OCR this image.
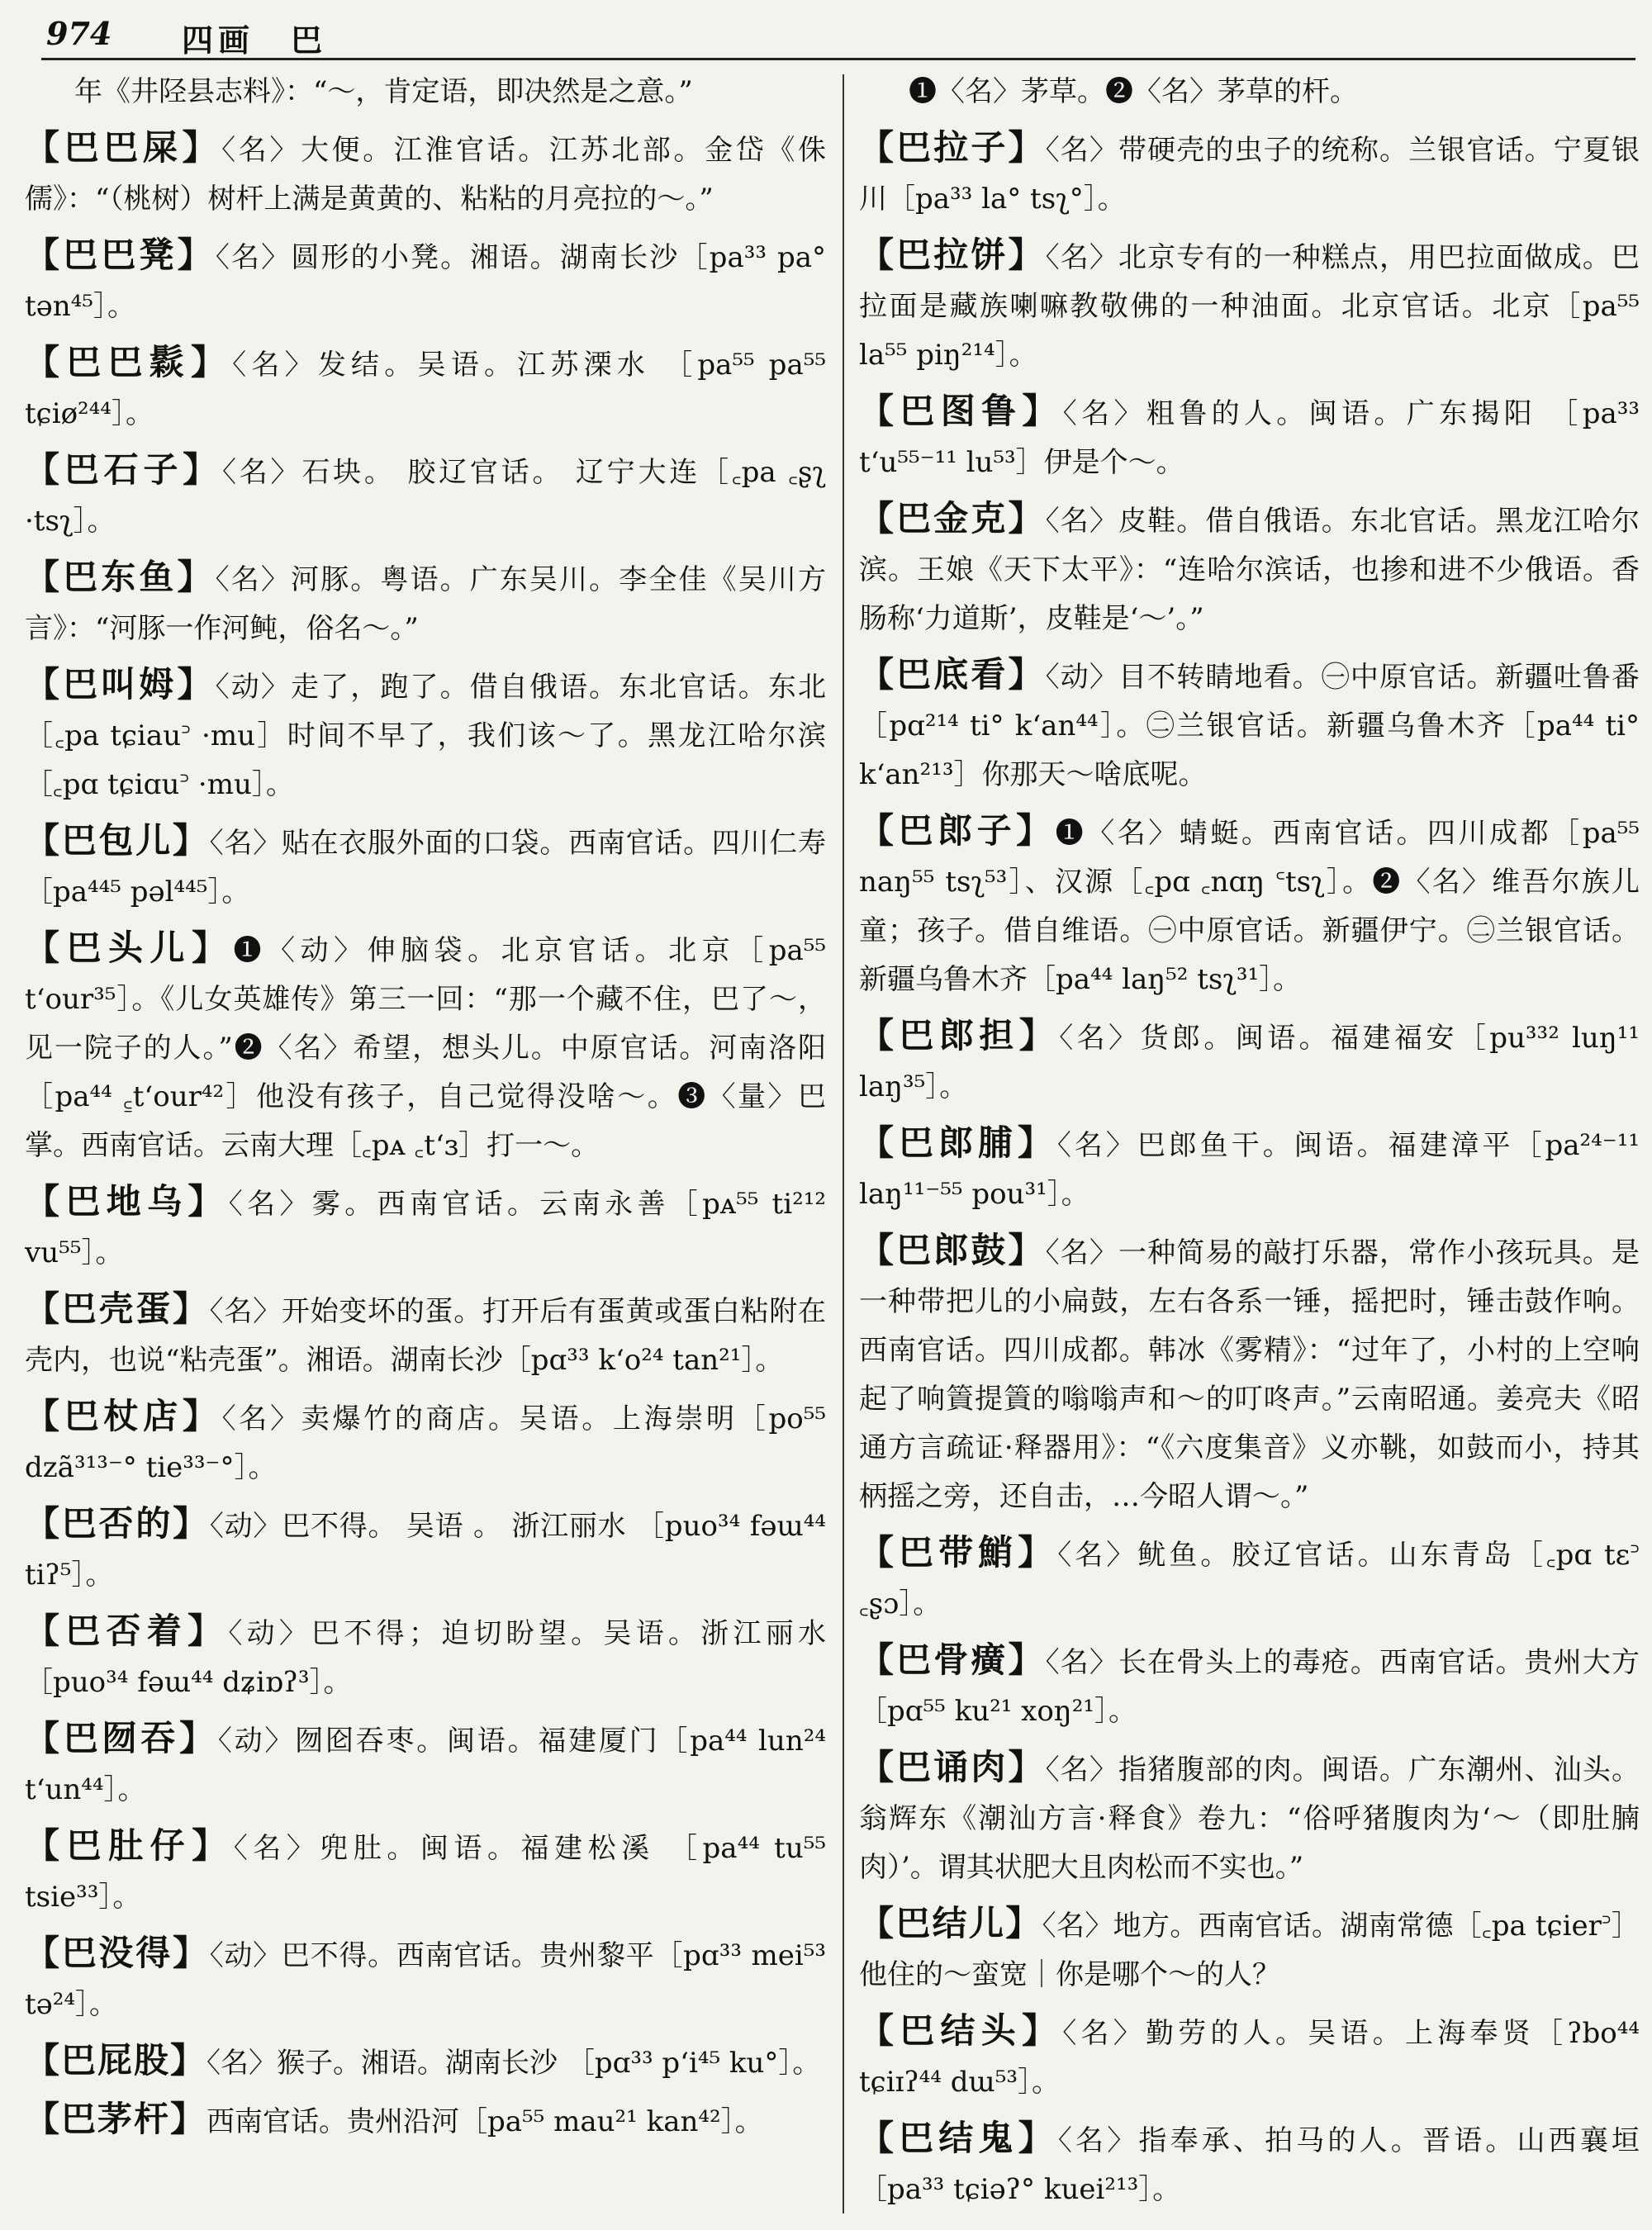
974 四画　巴
年《井陉县志料》：“～，肯定语，即决然是之意。”
【巴巴屎】〈名〉大便。江淮官话。江苏北部。金岱《侏儒》：“（桃树）树杆上满是黄黄的、粘粘的月亮拉的～。”
【巴巴凳】〈名〉圆形的小凳。湘语。湖南长沙［pa³³ pa° tən⁴⁵］。
【巴巴鬏】〈名〉发结。吴语。江苏溧水 ［pa⁵⁵ pa⁵⁵ tɕiø²⁴⁴］。
【巴石子】〈名〉石块。 胶辽官话。 辽宁大连［꜀pa ꜀ʂʅ ·tsʅ］。
【巴东鱼】〈名〉河豚。粤语。广东吴川。李全佳《吴川方言》：“河豚一作河鲀，俗名～。”
【巴叫姆】〈动〉走了，跑了。借自俄语。东北官话。东北［꜀pa tɕiau꜄ ·mu］时间不早了，我们该～了。黑龙江哈尔滨［꜀pɑ tɕiɑu꜄ ·mu］。
【巴包儿】〈名〉贴在衣服外面的口袋。西南官话。四川仁寿［pa⁴⁴⁵ pəl⁴⁴⁵］。
【巴头儿】❶〈动〉伸脑袋。北京官话。北京［pa⁵⁵ t‘our³⁵］。《儿女英雄传》第三一回：“那一个藏不住，巴了～，见一院子的人。”❷〈名〉希望，想头儿。中原官话。河南洛阳［pa⁴⁴ ꜁t‘our⁴²］他没有孩子，自己觉得没啥～。❸〈量〉巴掌。西南官话。云南大理［꜀pᴀ ꜀t‘ɜ］打一～。
【巴地乌】〈名〉雾。西南官话。云南永善［pᴀ⁵⁵ ti²¹² vu⁵⁵］。
【巴壳蛋】〈名〉开始变坏的蛋。打开后有蛋黄或蛋白粘附在壳内，也说“粘壳蛋”。湘语。湖南长沙［pɑ³³ k‘o²⁴ tan²¹］。
【巴杖店】〈名〉卖爆竹的商店。吴语。上海崇明［po⁵⁵ dzã³¹³⁻° tie³³⁻°］。
【巴否的】〈动〉巴不得。 吴语 。 浙江丽水 ［puo³⁴ fəɯ⁴⁴ tiʔ⁵］。
【巴否着】〈动〉巴不得；迫切盼望。吴语。浙江丽水［puo³⁴ fəɯ⁴⁴ dʑiɒʔ³］。
【巴囫吞】〈动〉囫囵吞枣。闽语。福建厦门［pa⁴⁴ lun²⁴ t‘un⁴⁴］。
【巴肚仔】〈名〉兜肚。闽语。福建松溪 ［pa⁴⁴ tu⁵⁵ tsie³³］。
【巴没得】〈动〉巴不得。西南官话。贵州黎平［pɑ³³ mei⁵³ tə²⁴］。
【巴屁股】〈名〉猴子。湘语。湖南长沙 ［pɑ³³ p‘i⁴⁵ ku°］。
【巴茅杆】西南官话。贵州沿河［pa⁵⁵ mau²¹ kan⁴²］。
❶〈名〉茅草。❷〈名〉茅草的杆。
【巴拉子】〈名〉带硬壳的虫子的统称。兰银官话。宁夏银川［pa³³ la° tsʅ°］。
【巴拉饼】〈名〉北京专有的一种糕点，用巴拉面做成。巴拉面是藏族喇嘛教敬佛的一种油面。北京官话。北京［pa⁵⁵ la⁵⁵ piŋ²¹⁴］。
【巴图鲁】〈名〉粗鲁的人。闽语。广东揭阳 ［pa³³ t‘u⁵⁵⁻¹¹ lu⁵³］伊是个～。
【巴金克】〈名〉皮鞋。借自俄语。东北官话。黑龙江哈尔滨。王娘《天下太平》：“连哈尔滨话，也掺和进不少俄语。香肠称‘力道斯’，皮鞋是‘～’。”
【巴底看】〈动〉目不转睛地看。㊀中原官话。新疆吐鲁番［pɑ²¹⁴ ti° k‘an⁴⁴］。㊁兰银官话。新疆乌鲁木齐［pa⁴⁴ ti° k‘an²¹³］你那天～啥底呢。
【巴郎子】❶〈名〉蜻蜓。西南官话。四川成都［pa⁵⁵ naŋ⁵⁵ tsʅ⁵³］、汉源［꜀pɑ ꜀nɑŋ ꜂tsʅ］。❷〈名〉维吾尔族儿童；孩子。借自维语。㊀中原官话。新疆伊宁。㊁兰银官话。新疆乌鲁木齐［pa⁴⁴ laŋ⁵² tsʅ³¹］。
【巴郎担】〈名〉货郎。闽语。福建福安［pu³³² luŋ¹¹ laŋ³⁵］。
【巴郎脯】〈名〉巴郎鱼干。闽语。福建漳平［pa²⁴⁻¹¹ laŋ¹¹⁻⁵⁵ pou³¹］。
【巴郎鼓】〈名〉一种简易的敲打乐器，常作小孩玩具。是一种带把儿的小扁鼓，左右各系一锤，摇把时，锤击鼓作响。西南官话。四川成都。韩冰《雾精》：“过年了，小村的上空响起了响篢提篢的嗡嗡声和～的叮咚声。”云南昭通。姜亮夫《昭通方言疏证·释器用》：“《六度集音》义亦鞉，如鼓而小，持其柄摇之旁，还自击，…今昭人谓～。”
【巴带鮹】〈名〉鱿鱼。胶辽官话。山东青岛［꜀pɑ tɛ꜄ ꜀ʂɔ］。
【巴骨癀】〈名〉长在骨头上的毒疮。西南官话。贵州大方［pɑ⁵⁵ ku²¹ xoŋ²¹］。
【巴诵肉】〈名〉指猪腹部的肉。闽语。广东潮州、汕头。翁辉东《潮汕方言·释食》卷九：“俗呼猪腹肉为‘～（即肚腩肉）’。谓其状肥大且肉松而不实也。”
【巴结儿】〈名〉地方。西南官话。湖南常德［꜀pa tɕier꜄］他住的～蛮宽｜你是哪个～的人？
【巴结头】〈名〉勤劳的人。吴语。上海奉贤［ʔbo⁴⁴ tɕiɪʔ⁴⁴ dɯ⁵³］。
【巴结鬼】〈名〉指奉承、拍马的人。晋语。山西襄垣［pa³³ tɕiəʔ° kuei²¹³］。
